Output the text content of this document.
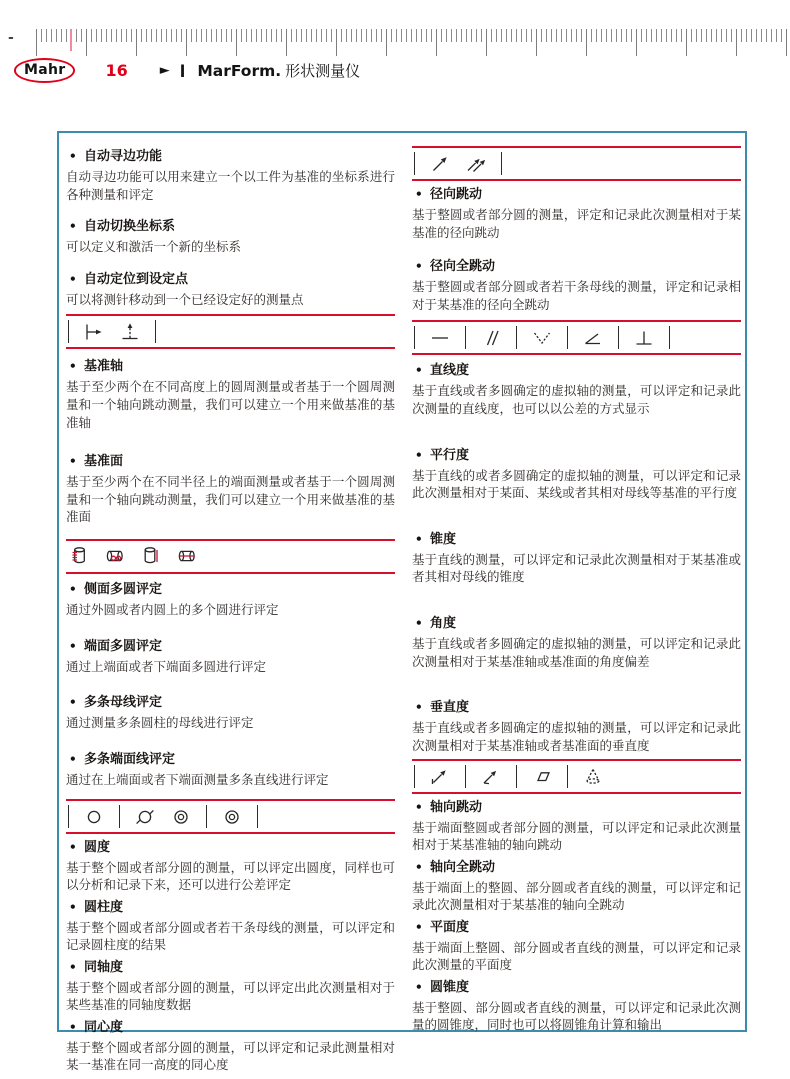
-
Mahr	16 ► I MarForm. 形状测量仪
• 自动寻边功能
自动寻边功能可以用来建立一个以工件为基准的坐标系进行各种测量和评定
• 自动切换坐标系
可以定义和激活一个新的坐标系
• 自动定位到设定点
可以将测针移动到一个已经设定好的测量点
• 基准轴
基于至少两个在不同高度上的圆周测量或者基于一个圆周测量和一个轴向跳动测量，我们可以建立一个用来做基准的基准轴
• 基准面
基于至少两个在不同半径上的端面测量或者基于一个圆周测量和一个轴向跳动测量，我们可以建立一个用来做基准的基准面
• 侧面多圆评定
通过外圆或者内圆上的多个圆进行评定
• 端面多圆评定
通过上端面或者下端面多圆进行评定
• 多条母线评定
通过测量多条圆柱的母线进行评定
• 多条端面线评定
通过在上端面或者下端面测量多条直线进行评定
• 圆度
基于整个圆或者部分圆的测量，可以评定出圆度，同样也可以分析和记录下来，还可以进行公差评定
• 圆柱度
基于整个圆或者部分圆或者若干条母线的测量，可以评定和记录圆柱度的结果
• 同轴度
基于整个圆或者部分圆的测量，可以评定出此次测量相对于某些基准的同轴度数据
• 同心度
基于整个圆或者部分圆的测量，可以评定和记录此测量相对某一基准在同一高度的同心度
• 径向跳动
基于整圆或者部分圆的测量，评定和记录此次测量相对于某基准的径向跳动
• 径向全跳动
基于整圆或者部分圆或者若干条母线的测量，评定和记录相对于某基准的径向全跳动
• 直线度
基于直线或者多圆确定的虚拟轴的测量，可以评定和记录此次测量的直线度，也可以以公差的方式显示
• 平行度
基于直线的或者多圆确定的虚拟轴的测量，可以评定和记录此次测量相对于某面、某线或者其相对母线等基准的平行度
• 锥度
基于直线的测量，可以评定和记录此次测量相对于某基准或者其相对母线的锥度
• 角度
基于直线或者多圆确定的虚拟轴的测量，可以评定和记录此次测量相对于某基准轴或基准面的角度偏差
• 垂直度
基于直线或者多圆确定的虚拟轴的测量，可以评定和记录此次测量相对于某基准轴或者基准面的垂直度
• 轴向跳动
基于端面整圆或者部分圆的测量，可以评定和记录此次测量相对于某基准轴的轴向跳动
• 轴向全跳动
基于端面上的整圆、部分圆或者直线的测量，可以评定和记录此次测量相对于某基准的轴向全跳动
• 平面度
基于端面上整圆、部分圆或者直线的测量，可以评定和记录此次测量的平面度
• 圆锥度
基于整圆、部分圆或者直线的测量，可以评定和记录此次测量的圆锥度，同时也可以将圆锥角计算和输出
